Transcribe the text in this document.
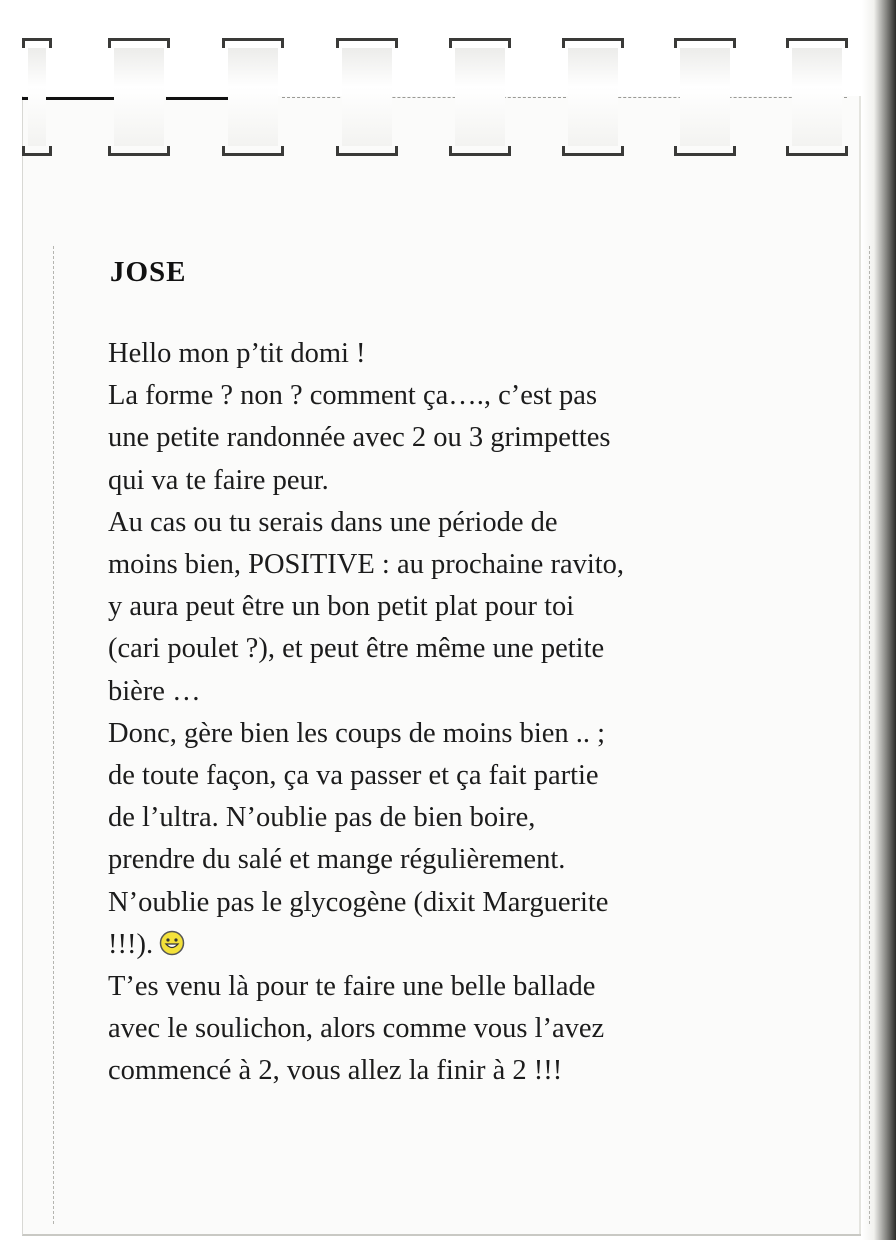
JOSE
Hello mon p’tit domi !
La forme ? non ? comment ça…., c’est pas
une petite randonnée avec 2 ou 3 grimpettes
qui va te faire peur.
Au cas ou tu serais dans une période de
moins bien, POSITIVE : au prochaine ravito,
y aura peut être un bon petit plat pour toi
(cari poulet ?), et peut être même une petite
bière …
Donc, gère bien les coups de moins bien .. ;
de toute façon, ça va passer et ça fait partie
de l’ultra. N’oublie pas de bien boire,
prendre du salé et mange régulièrement.
N’oublie pas le glycogène (dixit Marguerite
!!!).
T’es venu là pour te faire une belle ballade
avec le soulichon, alors comme vous l’avez
commencé à 2, vous allez la finir à 2 !!!
